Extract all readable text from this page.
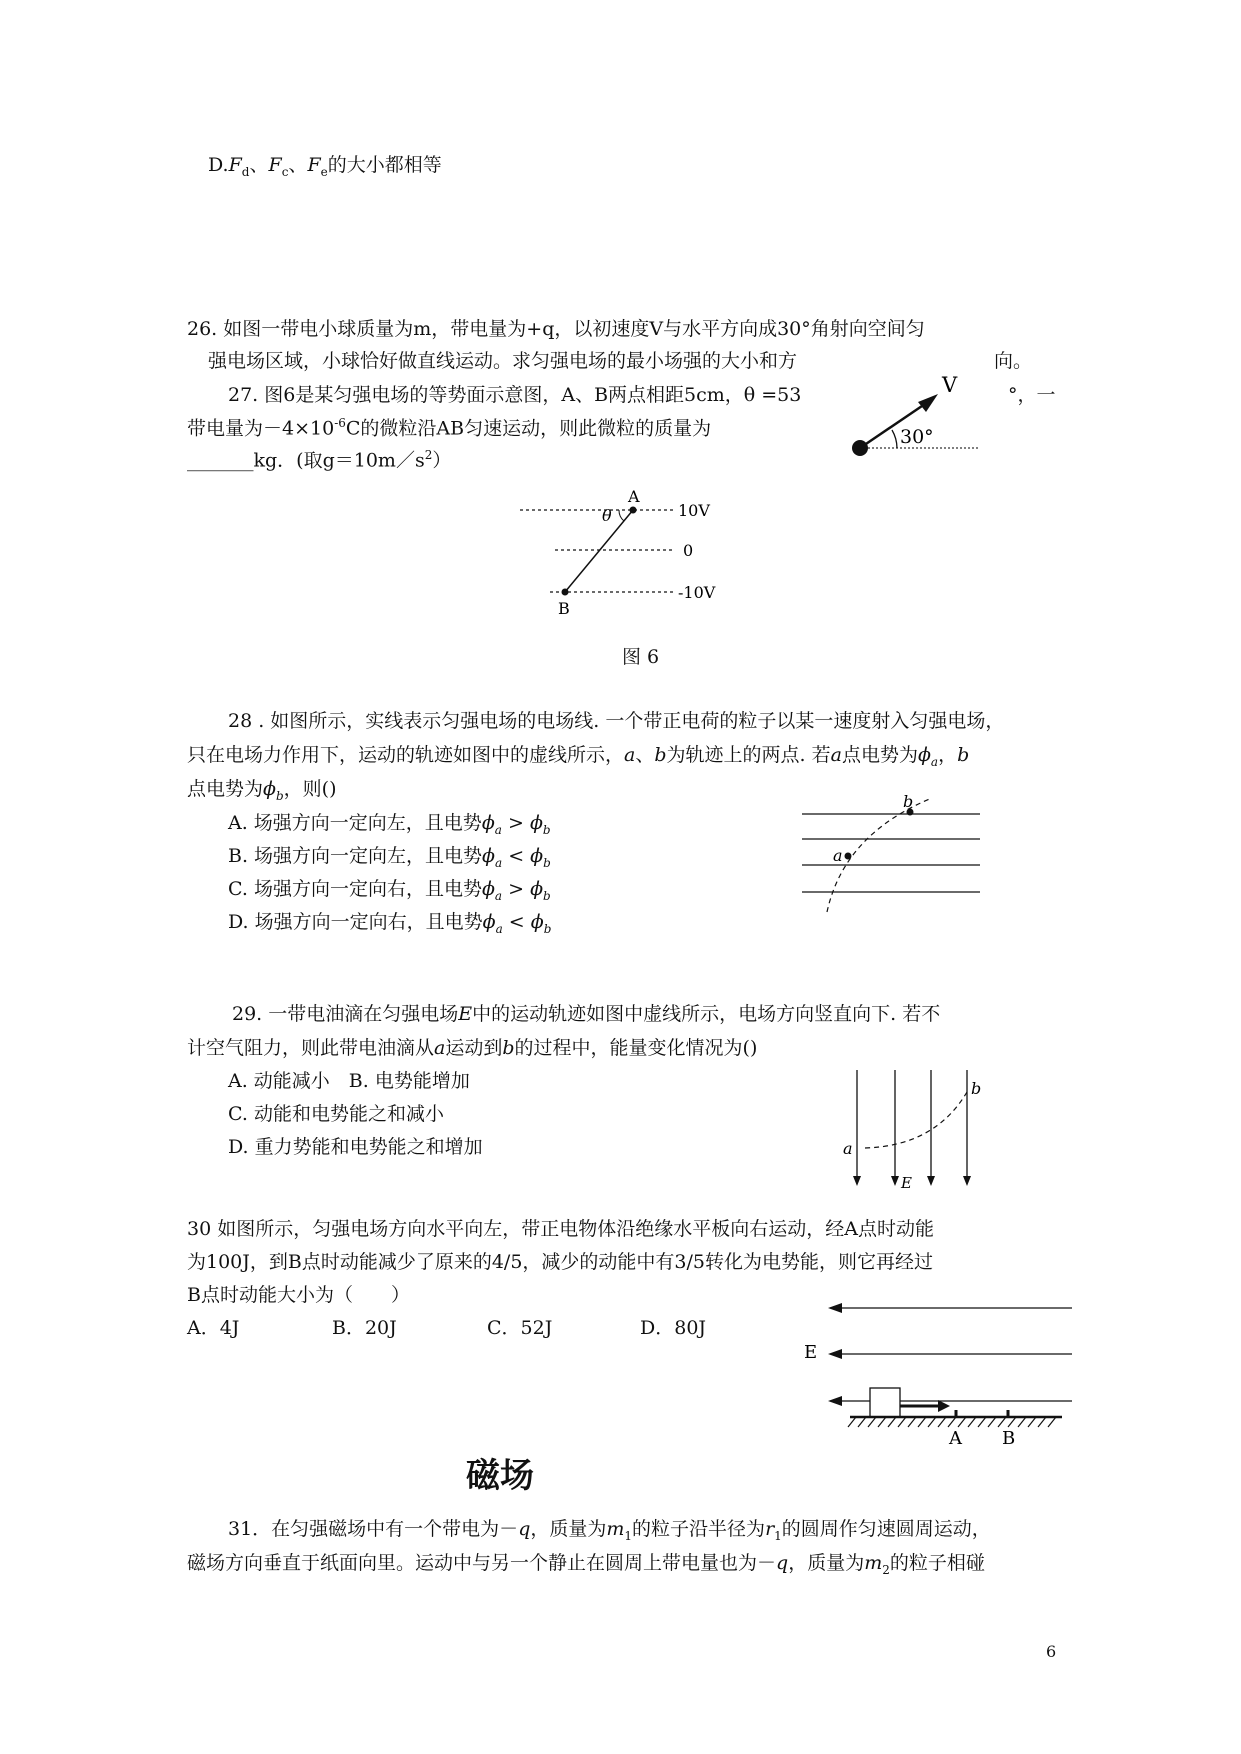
$D.F_d$、$F_c$、$F_e$的大小都相等
26. 如图一带电小球质量为m，带电量为+q，以初速度V与水平方向成30°角射向空间匀
强电场区域，小球恰好做直线运动。求匀强电场的最小场强的大小和方	向。
30°
V
27. 图6是某匀强电场的等势面示意图，A、B两点相距5cm，θ =53	°，一
带电量为$-4\times 10^{-6}C$的微粒沿AB匀速运动，则此微粒的质量为
_______kg．(取$g=10m/s^2$）
A
B
θ	10V
0
-10V
图 6
28 . 如图所示，实线表示匀强电场的电场线. 一个带正电荷的粒子以某一速度射入匀强电场，
只在电场力作用下，运动的轨迹如图中的虚线所示，a、b为轨迹上的两点. 若a点电势为$\phi_a$，b
点电势为$\phi_b$，则()
A. 场强方向一定向左，且电势$\phi_a > \phi_b$
B. 场强方向一定向左，且电势$\phi_a < \phi_b$
C. 场强方向一定向右，且电势$\phi_a > \phi_b$
D. 场强方向一定向右，且电势$\phi_a < \phi_b$
a
b
29. 一带电油滴在匀强电场E中的运动轨迹如图中虚线所示，电场方向竖直向下. 若不
计空气阻力，则此带电油滴从a运动到b的过程中，能量变化情况为()
A. 动能减小　B. 电势能增加
C. 动能和电势能之和减小
D. 重力势能和电势能之和增加	a
b
E
30 如图所示，匀强电场方向水平向左，带正电物体沿绝缘水平板向右运动，经A点时动能
为100J，到B点时动能减少了原来的4/5，减少的动能中有3/5转化为电势能，则它再经过
B点时动能大小为（　　）
A．4J	B．20J	C．52J	D．80J
E
A B
磁场
31．在匀强磁场中有一个带电为－q，质量为$m_1$的粒子沿半径为$r_1$的圆周作匀速圆周运动，
磁场方向垂直于纸面向里。运动中与另一个静止在圆周上带电量也为－q，质量为$m_2$的粒子相碰
6
